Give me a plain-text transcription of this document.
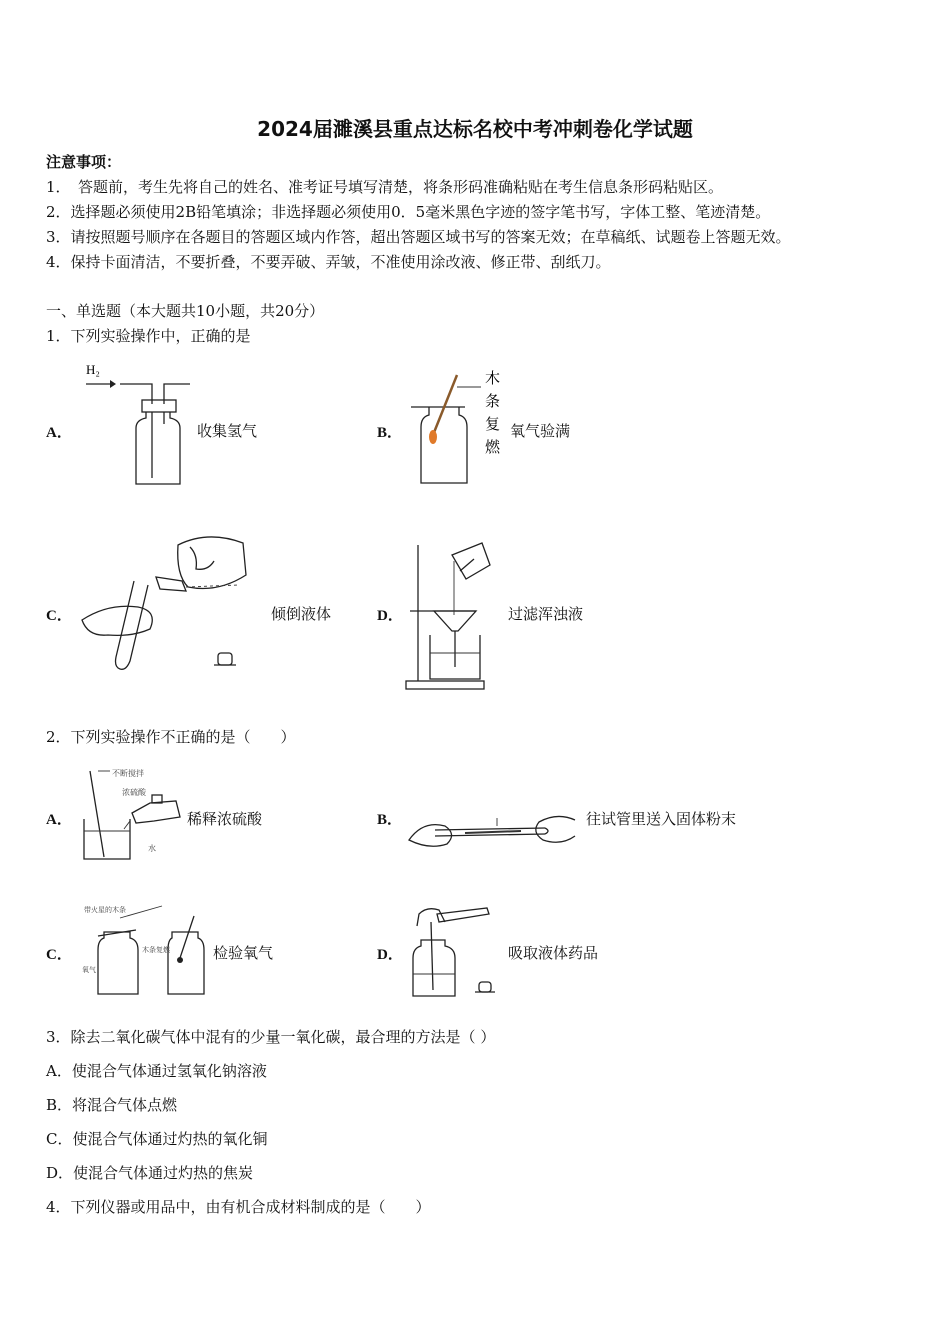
2024届濉溪县重点达标名校中考冲刺卷化学试题
注意事项：
1．　答题前，考生先将自己的姓名、准考证号填写清楚，将条形码准确粘贴在考生信息条形码粘贴区。
2．选择题必须使用2B铅笔填涂；非选择题必须使用0．5毫米黑色字迹的签字笔书写，字体工整、笔迹清楚。
3．请按照题号顺序在各题目的答题区域内作答，超出答题区域书写的答案无效；在草稿纸、试题卷上答题无效。
4．保持卡面清洁，不要折叠，不要弄破、弄皱，不准使用涂改液、修正带、刮纸刀。
一、单选题（本大题共10小题，共20分）
1．下列实验操作中，正确的是
A．	收集氢气	B．	氧气验满
C．	倾倒液体	D．	过滤浑浊液
H₂	木
条
复
燃
2．下列实验操作不正确的是（　　）
A．	稀释浓硫酸	B．	往试管里送入固体粉末
C．	检验氧气	D．	吸取液体药品
不断搅拌
浓硫酸
水
带火星的木条
氧气
木条复燃
3．除去二氧化碳气体中混有的少量一氧化碳，最合理的方法是（ ）
A．使混合气体通过氢氧化钠溶液
B．将混合气体点燃
C．使混合气体通过灼热的氧化铜
D．使混合气体通过灼热的焦炭
4．下列仪器或用品中，由有机合成材料制成的是（　　）
